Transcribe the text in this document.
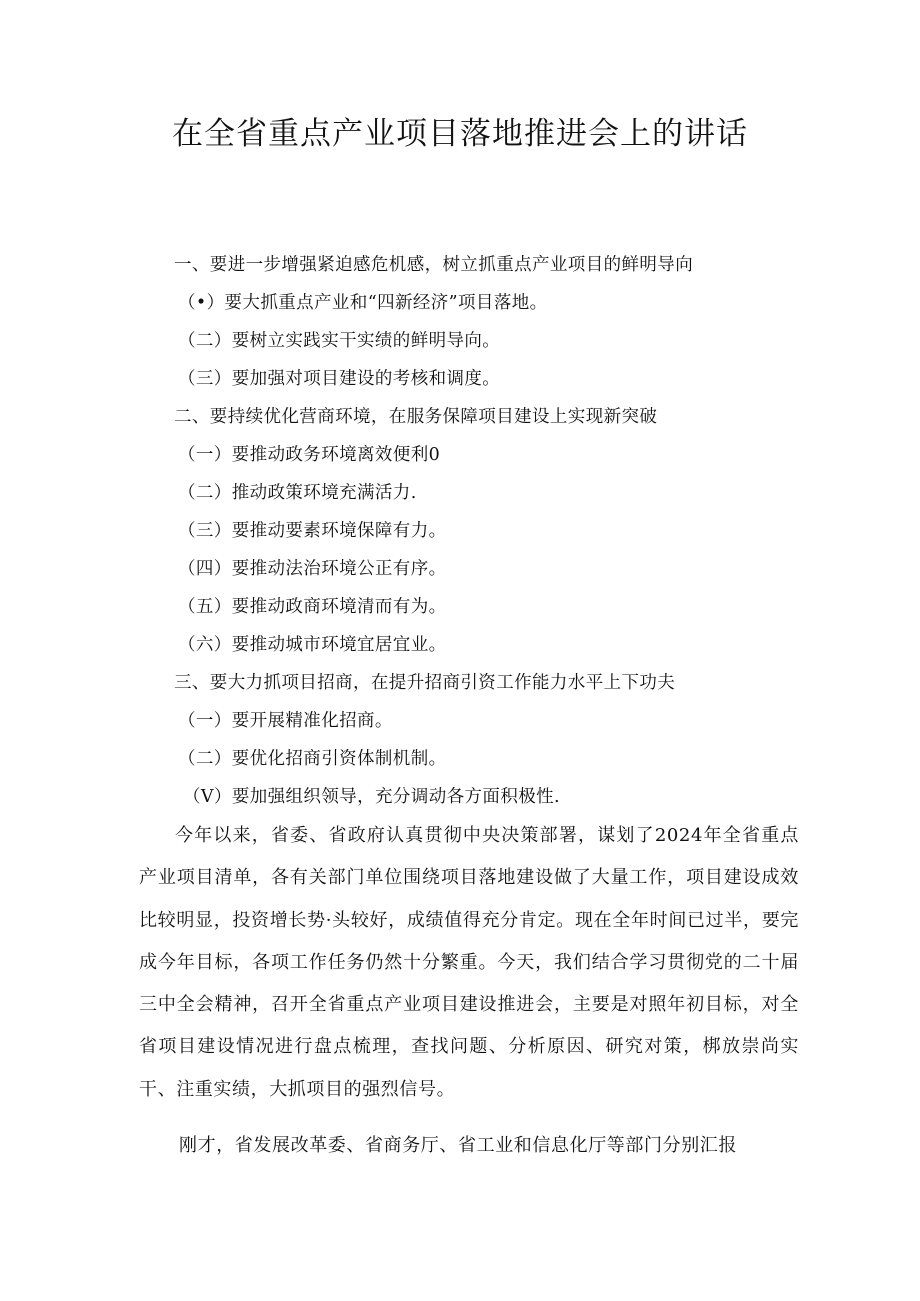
在全省重点产业项目落地推进会上的讲话
一、要进一步增强紧迫感危机感，树立抓重点产业项目的鲜明导向
（•）要大抓重点产业和“四新经济”项目落地。
（二）要树立实践实干实绩的鲜明导向。
（三）要加强对项目建设的考核和调度。
二、要持续优化营商环境，在服务保障项目建设上实现新突破
（一）要推动政务环境离效便利0
（二）推动政策环境充满活力.
（三）要推动要素环境保障有力。
（四）要推动法治环境公正有序。
（五）要推动政商环境清而有为。
（六）要推动城市环境宜居宜业。
三、要大力抓项目招商，在提升招商引资工作能力水平上下功夫
（一）要开展精准化招商。
（二）要优化招商引资体制机制。
（V）要加强组织领导，充分调动各方面积极性.

今年以来，省委、省政府认真贯彻中央决策部署，谋划了2024年全省重点产业项目清单，各有关部门单位围绕项目落地建设做了大量工作，项目建设成效比较明显，投资增长势·头较好，成绩值得充分肯定。现在全年时间已过半，要完成今年目标，各项工作任务仍然十分繁重。今天，我们结合学习贯彻党的二十届三中全会精神，召开全省重点产业项目建设推进会，主要是对照年初目标，对全省项目建设情况进行盘点梳理，查找问题、分析原因、研究对策，梆放崇尚实干、注重实绩，大抓项目的强烈信号。

刚才，省发展改革委、省商务厅、省工业和信息化厅等部门分别汇报
